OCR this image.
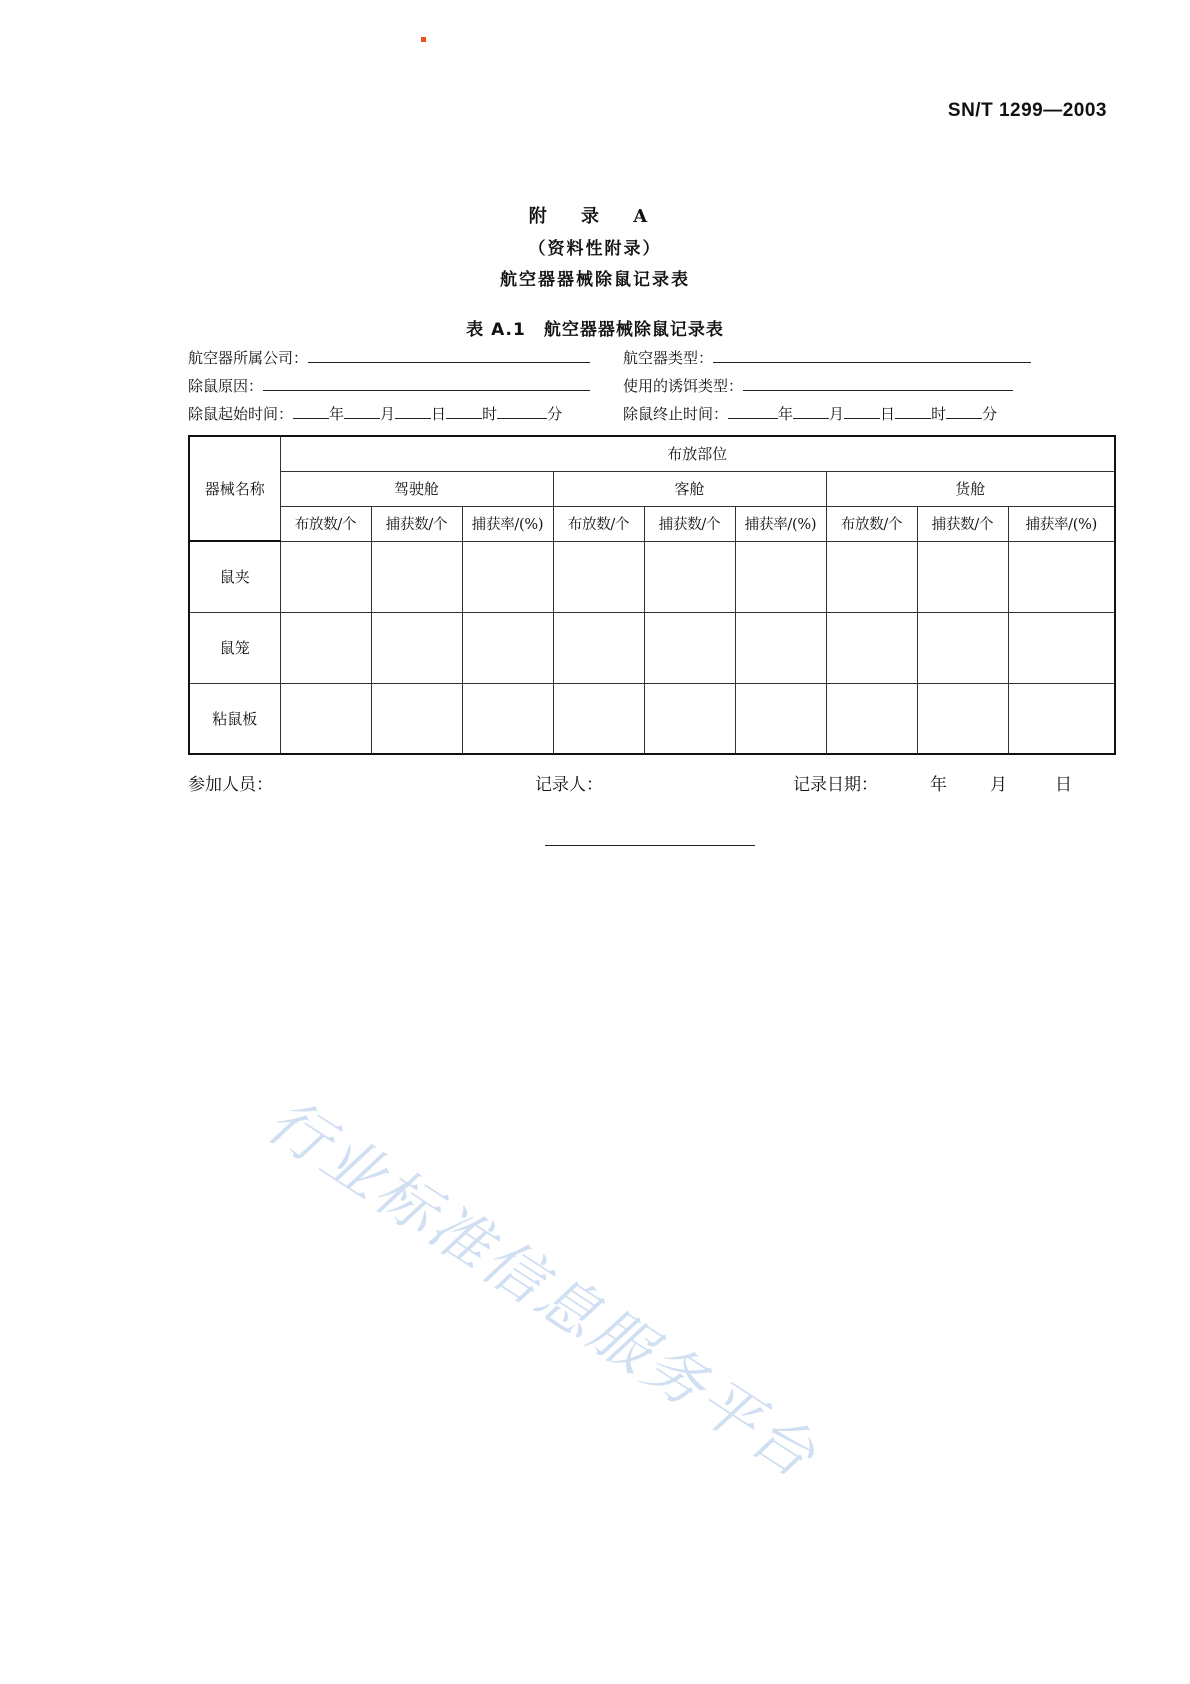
SN/T 1299—2003
附 录 A
（资料性附录）
航空器器械除鼠记录表
表 A.1　航空器器械除鼠记录表
航空器所属公司：	航空器类型：
除鼠原因：	使用的诱饵类型：
除鼠起始时间： 年 月 日 时	分	除鼠终止时间：	年 月 日 时 分
器械名称	布放部位								
	驾驶舱			客舱			货舱		
	布放数/个	捕获数/个	捕获率/(%)	布放数/个	捕获数/个	捕获率/(%)	布放数/个	捕获数/个	捕获率/(%)
鼠夹									
鼠笼									
粘鼠板									
参加人员：	记录人：	记录日期：	年	月	日
行业标准信息服务平台
